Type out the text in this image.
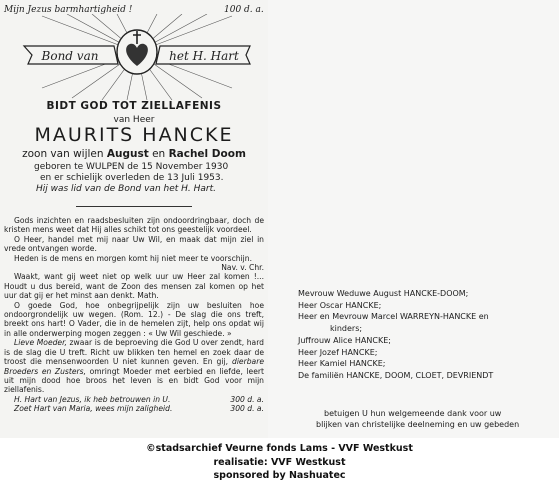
Mijn Jezus barmhartigheid !	100 d. a.
Bond van	het H. Hart
BIDT GOD TOT ZIELLAFENIS
van Heer
MAURITS HANCKE
zoon van wijlen August en Rachel Doom
geboren te WULPEN de 15 November 1930
en er schielijk overleden de 13 Juli 1953.
Hij was lid van de Bond van het H. Hart.

Gods inzichten en raadsbesluiten zijn ondoordringbaar, doch de kristen mens weet dat Hij alles schikt tot ons geestelijk voordeel.

O Heer, handel met mij naar Uw Wil, en maak dat mijn ziel in vrede ontvangen worde.

Heden is de mens en morgen komt hij niet meer te voorschijn.

Nav. v. Chr.

Waakt, want gij weet niet op welk uur uw Heer zal komen !... Houdt u dus bereid, want de Zoon des mensen zal komen op het uur dat gij er het minst aan denkt. Math.

O goede God, hoe onbegrijpelijk zijn uw besluiten hoe ondoorgrondelijk uw wegen. (Rom. 12.) - De slag die ons treft, breekt ons hart! O Vader, die in de hemelen zijt, help ons opdat wij in alle onderwerping mogen zeggen : « Uw Wil geschiede. »

Lieve Moeder, zwaar is de beproeving die God U over zendt, hard is de slag die U treft. Richt uw blikken ten hemel en zoek daar de troost die mensenwoorden U niet kunnen geven. En gij, dierbare Broeders en Zusters, omringt Moeder met eerbied en liefde, leert uit mijn dood hoe broos het leven is en bidt God voor mijn ziellafenis.

H. Hart van Jezus, ik heb betrouwen in U.	300 d. a.
Zoet Hart van Maria, wees mijn zaligheid.	300 d. a.
Mevrouw Weduwe August HANCKE-DOOM;
Heer Oscar HANCKE;
Heer en Mevrouw Marcel WARREYN-HANCKE en
kinders;
Juffrouw Alice HANCKE;
Heer Jozef HANCKE;
Heer Kamiel HANCKE;
De familiën HANCKE, DOOM, CLOET, DEVRIENDT
betuigen U hun welgemeende dank voor uw
blijken van christelijke deelneming en uw gebeden
©stadsarchief Veurne fonds Lams - VVF Westkust
realisatie: VVF Westkust
sponsored by Nashuatec
